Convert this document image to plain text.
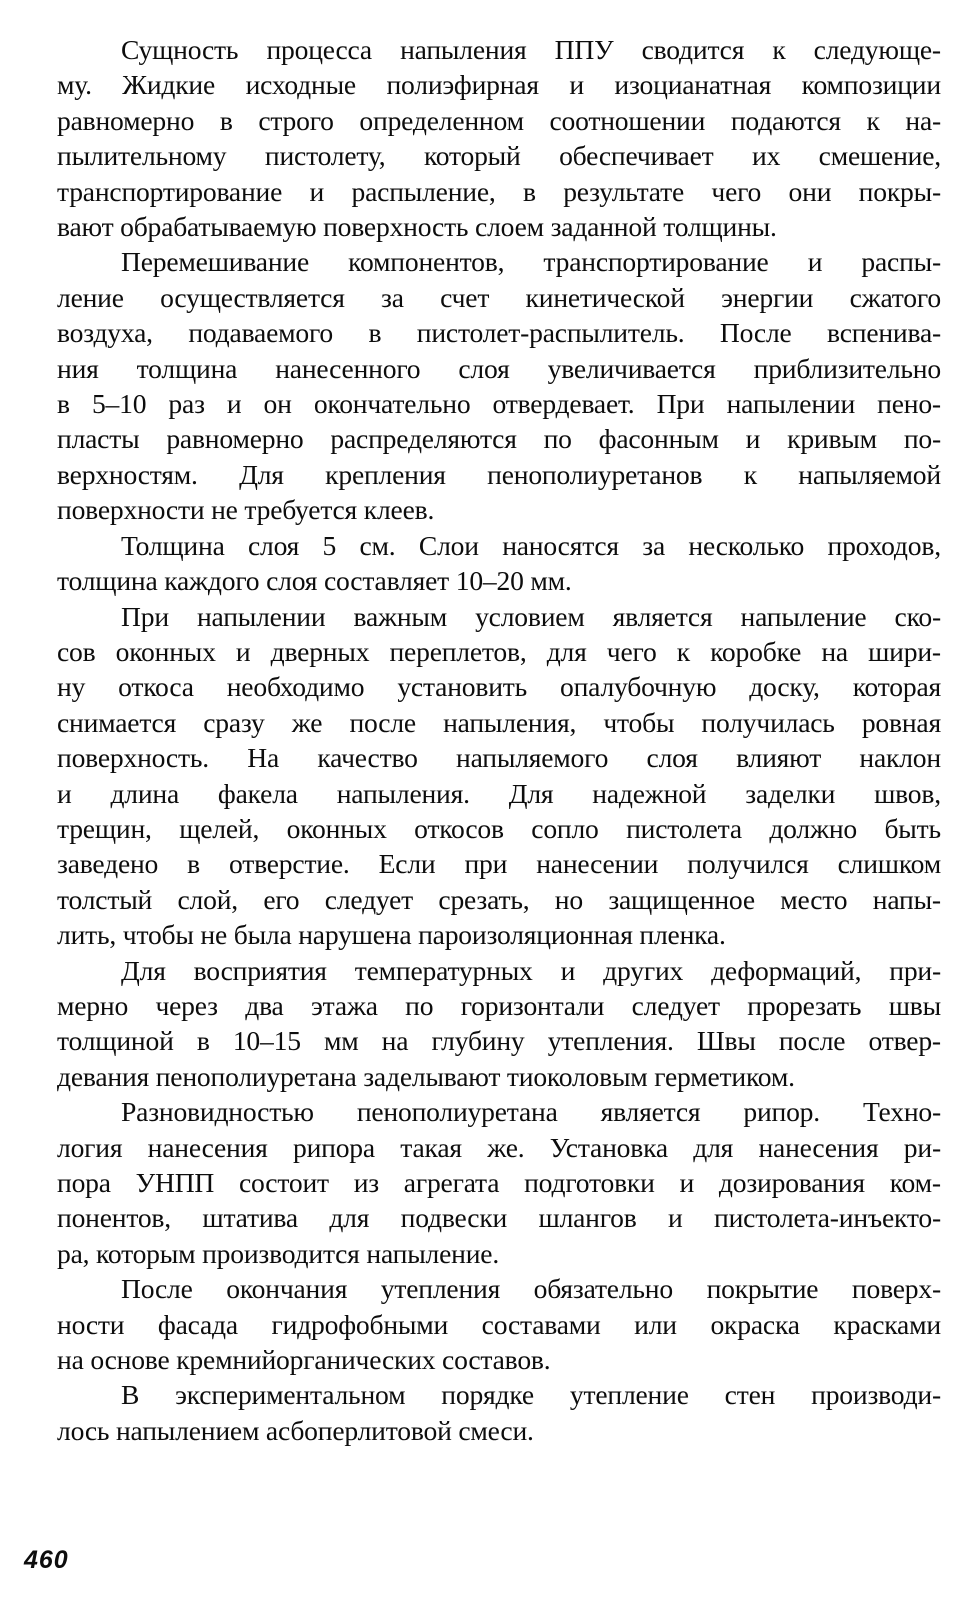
Сущность процесса напыления ППУ сводится к следующе-
му. Жидкие исходные полиэфирная и изоцианатная композиции
равномерно в строго определенном соотношении подаются к на-
пылительному пистолету, который обеспечивает их смешение,
транспортирование и распыление, в результате чего они покры-
вают обрабатываемую поверхность слоем заданной толщины.
Перемешивание компонентов, транспортирование и распы-
ление осуществляется за счет кинетической энергии сжатого
воздуха, подаваемого в пистолет-распылитель. После вспенива-
ния толщина нанесенного слоя увеличивается приблизительно
в 5–10 раз и он окончательно отвердевает. При напылении пено-
пласты равномерно распределяются по фасонным и кривым по-
верхностям. Для крепления пенополиуретанов к напыляемой
поверхности не требуется клеев.
Толщина слоя 5 см. Слои наносятся за несколько проходов,
толщина каждого слоя составляет 10–20 мм.
При напылении важным условием является напыление ско-
сов оконных и дверных переплетов, для чего к коробке на шири-
ну откоса необходимо установить опалубочную доску, которая
снимается сразу же после напыления, чтобы получилась ровная
поверхность. На качество напыляемого слоя влияют наклон
и длина факела напыления. Для надежной заделки швов,
трещин, щелей, оконных откосов сопло пистолета должно быть
заведено в отверстие. Если при нанесении получился слишком
толстый слой, его следует срезать, но защищенное место напы-
лить, чтобы не была нарушена пароизоляционная пленка.
Для восприятия температурных и других деформаций, при-
мерно через два этажа по горизонтали следует прорезать швы
толщиной в 10–15 мм на глубину утепления. Швы после отвер-
девания пенополиуретана заделывают тиоколовым герметиком.
Разновидностью пенополиуретана является рипор. Техно-
логия нанесения рипора такая же. Установка для нанесения ри-
пора УНПП состоит из агрегата подготовки и дозирования ком-
понентов, штатива для подвески шлангов и пистолета-инъекто-
ра, которым производится напыление.
После окончания утепления обязательно покрытие поверх-
ности фасада гидрофобными составами или окраска красками
на основе кремнийорганических составов.
В экспериментальном порядке утепление стен производи-
лось напылением асбоперлитовой смеси.
460
